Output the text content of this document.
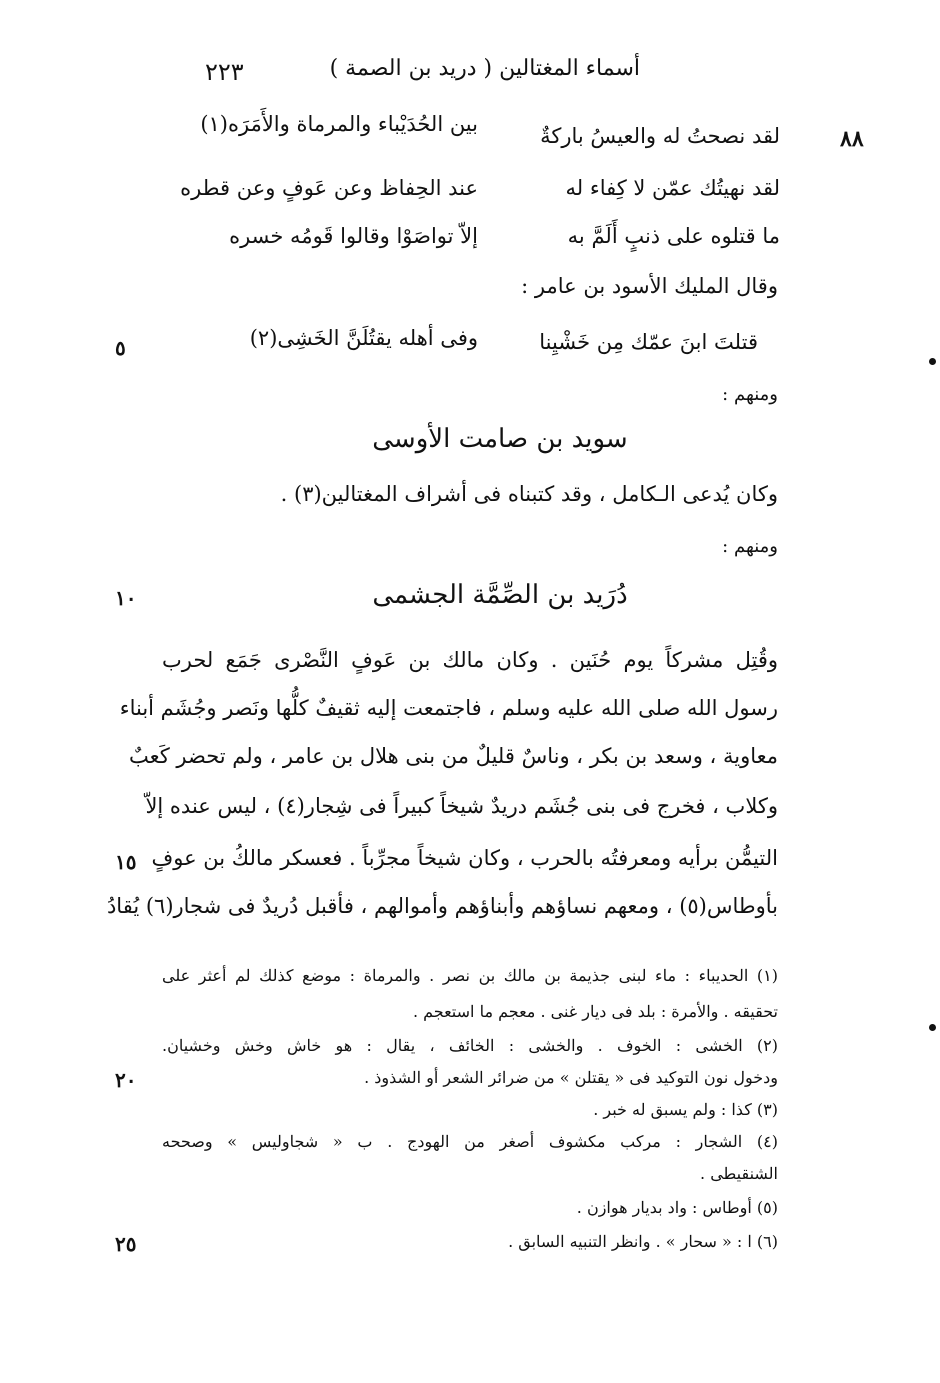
٢٢٣	أسماء المغتالين ( دريد بن الصمة )
٨٨
لقد نصحتُ له والعيسُ باركةٌ
بين الحُدَيْباء والمرماة والأَمَرَه(١)
لقد نهيتُك عمّن لا كِفاء له
عند الحِفاظ وعن عَوفٍ وعن قطره
ما قتلوه على ذنبٍ أَلَمَّ به
إلاّ تواصَوْا وقالوا قَومُه خسره
وقال المليك الأسود بن عامر :
قتلتَ ابنَ عمّك مِن خَشْيِنا
وفى أهله يقتُلَنَّ الخَشِى(٢)
٥
ومنهم :
سويد بن صامت الأوسى
وكان يُدعى الـكامل ، وقد كتبناه فى أشراف المغتالين(٣) .
ومنهم :
دُرَيد بن الصِّمَّة الجشمى
١٠
وقُتِل مشركاً يوم حُنَين . وكان مالك بن عَوفٍ النَّصْرى جَمَع لحرب
رسول الله صلى الله عليه وسلم ، فاجتمعت إليه ثقيفٌ كلُّها ونَصر وجُشَم أبناء
معاوية ، وسعد بن بكر ، وناسٌ قليلٌ من بنى هلال بن عامر ، ولم تحضر كَعبٌ
وكلاب ، فخرج فى بنى جُشَم دريدٌ شيخاً كبيراً فى شِجار(٤) ، ليس عنده إلاّ
التيمُّن برأيه ومعرفتُه بالحرب ، وكان شيخاً مجرِّباً . فعسكر مالكُ بن عوفٍ
١٥
بأوطاس(٥) ، ومعهم نساؤهم وأبناؤهم وأموالهم ، فأقبل دُريدٌ فى شجار(٦) يُقادُ
(١) الحديباء : ماء لبنى جذيمة بن مالك بن نصر . والمرماة : موضع كذلك لم أعثر على
تحقيقه . والأمرة : بلد فى ديار غنى . معجم ما استعجم .
(٢) الخشى : الخوف . والخشى : الخائف ، يقال : هو خاش وخش وخشيان.
ودخول نون التوكيد فى « يقتلن » من ضرائر الشعر أو الشذوذ .
٢٠
(٣) كذا : ولم يسبق له خبر .
(٤) الشجار : مركب مكشوف أصغر من الهودج . ب « شجاوليس » وصححه
الشنقيطى .
(٥) أوطاس : واد بديار هوازن .
(٦) ا : « سحار » . وانظر التنبيه السابق .
٢٥
